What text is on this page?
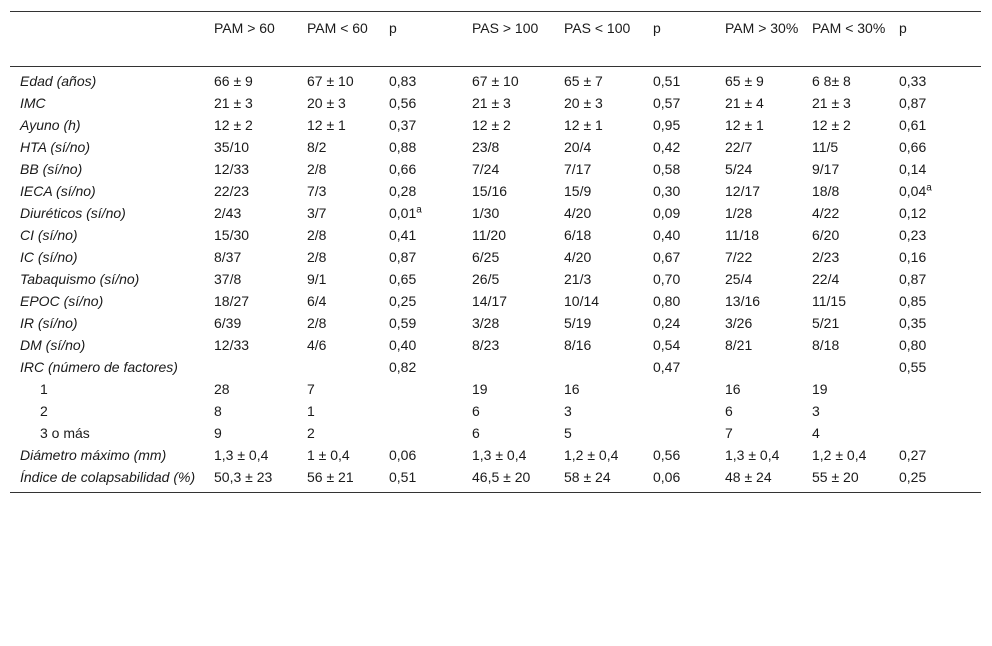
	PAM > 60	PAM < 60	p	PAS > 100	PAS < 100	p	PAM > 30%	PAM < 30%	p
Edad (años)	66 ± 9	67 ± 10	0,83	67 ± 10	65 ± 7	0,51	65 ± 9	6 8± 8	0,33
IMC	21 ± 3	20 ± 3	0,56	21 ± 3	20 ± 3	0,57	21 ± 4	21 ± 3	0,87
Ayuno (h)	12 ± 2	12 ± 1	0,37	12 ± 2	12 ± 1	0,95	12 ± 1	12 ± 2	0,61
HTA (sí/no)	35/10	8/2	0,88	23/8	20/4	0,42	22/7	11/5	0,66
BB (sí/no)	12/33	2/8	0,66	7/24	7/17	0,58	5/24	9/17	0,14
IECA (sí/no)	22/23	7/3	0,28	15/16	15/9	0,30	12/17	18/8	0,04$^a$
Diuréticos (sí/no)	2/43	3/7	0,01$^a$	1/30	4/20	0,09	1/28	4/22	0,12
CI (sí/no)	15/30	2/8	0,41	11/20	6/18	0,40	11/18	6/20	0,23
IC (sí/no)	8/37	2/8	0,87	6/25	4/20	0,67	7/22	2/23	0,16
Tabaquismo (sí/no)	37/8	9/1	0,65	26/5	21/3	0,70	25/4	22/4	0,87
EPOC (sí/no)	18/27	6/4	0,25	14/17	10/14	0,80	13/16	11/15	0,85
IR (sí/no)	6/39	2/8	0,59	3/28	5/19	0,24	3/26	5/21	0,35
DM (sí/no)	12/33	4/6	0,40	8/23	8/16	0,54	8/21	8/18	0,80
IRC (número de factores)			0,82			0,47			0,55
1	28	7		19	16		16	19	
2	8	1		6	3		6	3	
3 o más	9	2		6	5		7	4	
Diámetro máximo (mm)	1,3 ± 0,4	1 ± 0,4	0,06	1,3 ± 0,4	1,2 ± 0,4	0,56	1,3 ± 0,4	1,2 ± 0,4	0,27
Índice de colapsabilidad (%)	50,3 ± 23	56 ± 21	0,51	46,5 ± 20	58 ± 24	0,06	48 ± 24	55 ± 20	0,25
